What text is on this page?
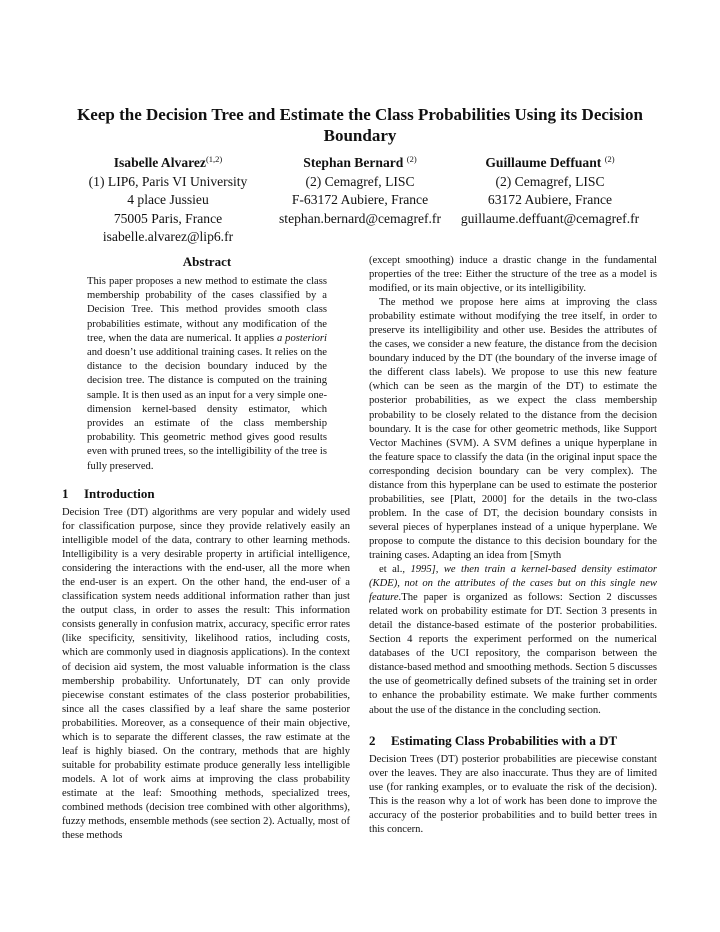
Keep the Decision Tree and Estimate the Class Probabilities Using its Decision Boundary
Isabelle Alvarez$^{(1,2)}$
(1) LIP6, Paris VI University
4 place Jussieu
75005 Paris, France
isabelle.alvarez@lip6.fr
Stephan Bernard $^{(2)}$
(2) Cemagref, LISC
F-63172 Aubiere, France
stephan.bernard@cemagref.fr
Guillaume Deffuant $^{(2)}$
(2) Cemagref, LISC
63172 Aubiere, France
guillaume.deffuant@cemagref.fr
Abstract

This paper proposes a new method to estimate the class membership probability of the cases classified by a Decision Tree. This method provides smooth class probabilities estimate, without any modification of the tree, when the data are numerical. It applies a posteriori and doesn’t use additional training cases. It relies on the distance to the decision boundary induced by the decision tree. The distance is computed on the training sample. It is then used as an input for a very simple one-dimension kernel-based density estimator, which provides an estimate of the class membership probability. This geometric method gives good results even with pruned trees, so the intelligibility of the tree is fully preserved.

1 Introduction

Decision Tree (DT) algorithms are very popular and widely used for classification purpose, since they provide relatively easily an intelligible model of the data, contrary to other learning methods. Intelligibility is a very desirable property in artificial intelligence, considering the interactions with the end-user, all the more when the end-user is an expert. On the other hand, the end-user of a classification system needs additional information rather than just the output class, in order to asses the result: This information consists generally in confusion matrix, accuracy, specific error rates (like specificity, sensitivity, likelihood ratios, including costs, which are commonly used in diagnosis applications). In the context of decision aid system, the most valuable information is the class membership probability. Unfortunately, DT can only provide piecewise constant estimates of the class posterior probabilities, since all the cases classified by a leaf share the same posterior probabilities. Moreover, as a consequence of their main objective, which is to separate the different classes, the raw estimate at the leaf is highly biased. On the contrary, methods that are highly suitable for probability estimate produce generally less intelligible models. A lot of work aims at improving the class probability estimate at the leaf: Smoothing methods, specialized trees, combined methods (decision tree combined with other algorithms), fuzzy methods, ensemble methods (see section 2). Actually, most of these methods

(except smoothing) induce a drastic change in the fundamental properties of the tree: Either the structure of the tree as a model is modified, or its main objective, or its intelligibility.

The method we propose here aims at improving the class probability estimate without modifying the tree itself, in order to preserve its intelligibility and other use. Besides the attributes of the cases, we consider a new feature, the distance from the decision boundary induced by the DT (the boundary of the inverse image of the different class labels). We propose to use this new feature (which can be seen as the margin of the DT) to estimate the posterior probabilities, as we expect the class membership probability to be closely related to the distance from the decision boundary. It is the case for other geometric methods, like Support Vector Machines (SVM). A SVM defines a unique hyperplane in the feature space to classify the data (in the original input space the corresponding decision boundary can be very complex). The distance from this hyperplane can be used to estimate the posterior probabilities, see [Platt, 2000] for the details in the two-class problem. In the case of DT, the decision boundary consists in several pieces of hyperplanes instead of a unique hyperplane. We propose to compute the distance to this decision boundary for the training cases. Adapting an idea from [Smyth

et al., 1995], we then train a kernel-based density estimator (KDE), not on the attributes of the cases but on this single new feature.The paper is organized as follows: Section 2 discusses related work on probability estimate for DT. Section 3 presents in detail the distance-based estimate of the posterior probabilities. Section 4 reports the experiment performed on the numerical databases of the UCI repository, the comparison between the distance-based method and smoothing methods. Section 5 discusses the use of geometrically defined subsets of the training set in order to enhance the probability estimate. We make further comments about the use of the distance in the concluding section.

2 Estimating Class Probabilities with a DT

Decision Trees (DT) posterior probabilities are piecewise constant over the leaves. They are also inaccurate. Thus they are of limited use (for ranking examples, or to evaluate the risk of the decision). This is the reason why a lot of work has been done to improve the accuracy of the posterior probabilities and to build better trees in this concern.
